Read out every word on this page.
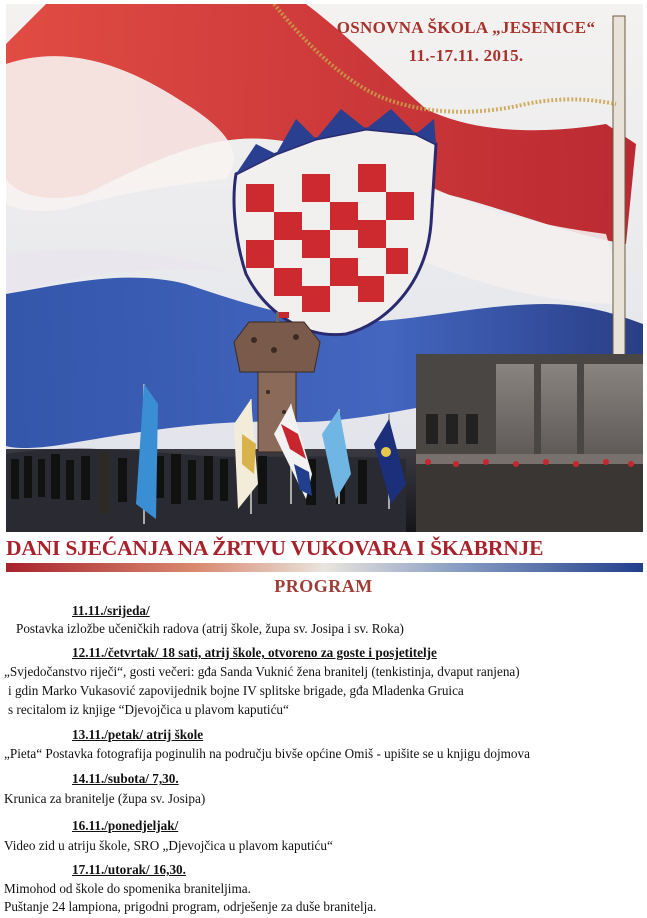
OSNOVNA ŠKOLA „JESENICE“
11.-17.11. 2015.
DANI SJEĆANJA NA ŽRTVU VUKOVARA I ŠKABRNJE
PROGRAM
11.11./srijeda/
Postavka izložbe učeničkih radova (atrij škole, župa sv. Josipa i sv. Roka)
12.11./četvrtak/ 18 sati, atrij škole, otvoreno za goste i posjetitelje
„Svjedočanstvo riječi“, gosti večeri: gđa Sanda Vuknić žena branitelj (tenkistinja, dvaput ranjena)
i gdin Marko Vukasović zapovijednik bojne IV splitske brigade, gđa Mladenka Gruica
s recitalom iz knjige “Djevojčica u plavom kaputiću“
13.11./petak/ atrij škole
„Pieta“ Postavka fotografija poginulih na području bivše općine Omiš - upišite se u knjigu dojmova
14.11./subota/ 7,30.
Krunica za branitelje (župa sv. Josipa)
16.11./ponedjeljak/
Video zid u atriju škole, SRO „Djevojčica u plavom kaputiću“
17.11./utorak/ 16,30.
Mimohod od škole do spomenika braniteljima.
Puštanje 24 lampiona, prigodni program, odrješenje za duše branitelja.
